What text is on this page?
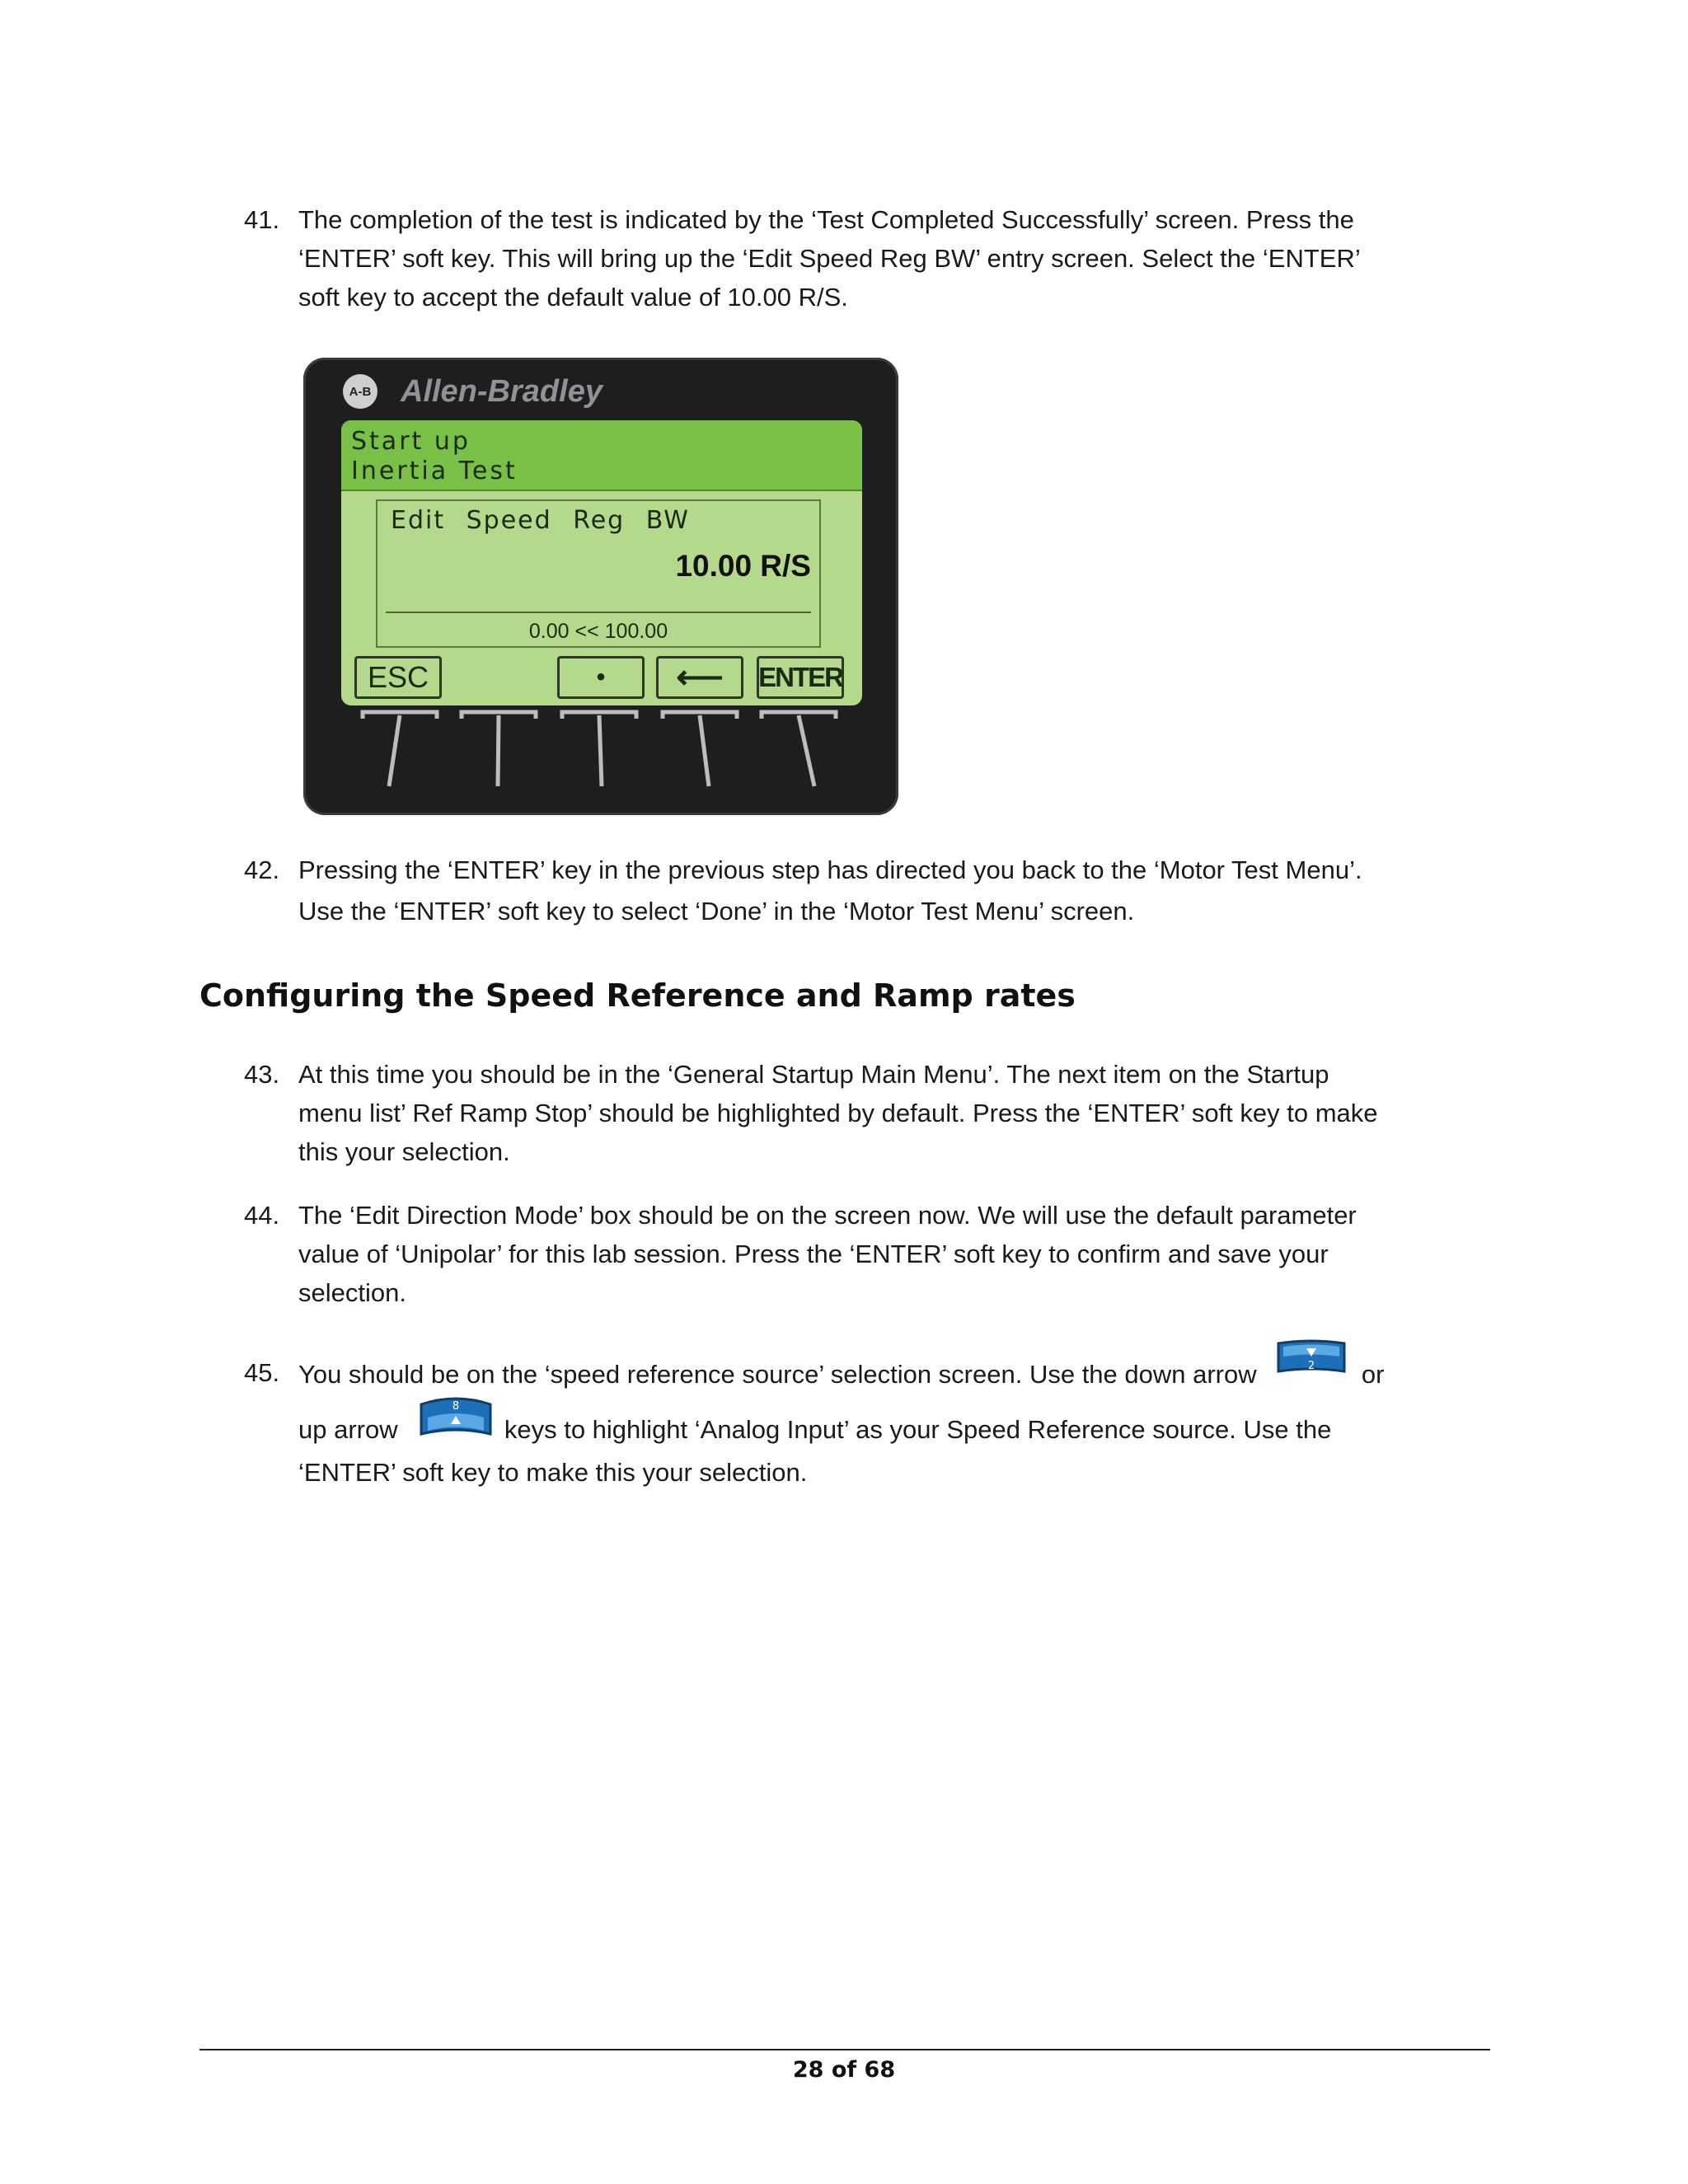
41. The completion of the test is indicated by the ‘Test Completed Successfully’ screen. Press the
‘ENTER’ soft key. This will bring up the ‘Edit Speed Reg BW’ entry screen. Select the ‘ENTER’
soft key to accept the default value of 10.00 R/S.
A-B Allen-Bradley
Start up
Inertia Test
Edit Speed Reg BW
10.00 R/S
0.00 << 100.00
ESC	•	⟵	ENTER
42. Pressing the ‘ENTER’ key in the previous step has directed you back to the ‘Motor Test Menu’.
Use the ‘ENTER’ soft key to select ‘Done’ in the ‘Motor Test Menu’ screen.
Configuring the Speed Reference and Ramp rates
43. At this time you should be in the ‘General Startup Main Menu’. The next item on the Startup
menu list’ Ref Ramp Stop’ should be highlighted by default. Press the ‘ENTER’ soft key to make
this your selection.
44. The ‘Edit Direction Mode’ box should be on the screen now. We will use the default parameter
value of ‘Unipolar’ for this lab session. Press the ‘ENTER’ soft key to confirm and save your
selection.
45. You should be on the ‘speed reference source’ selection screen. Use the down arrow	2 or
up arrow
8
keys to highlight ‘Analog Input’ as your Speed Reference source. Use the
‘ENTER’ soft key to make this your selection.
28 of 68
